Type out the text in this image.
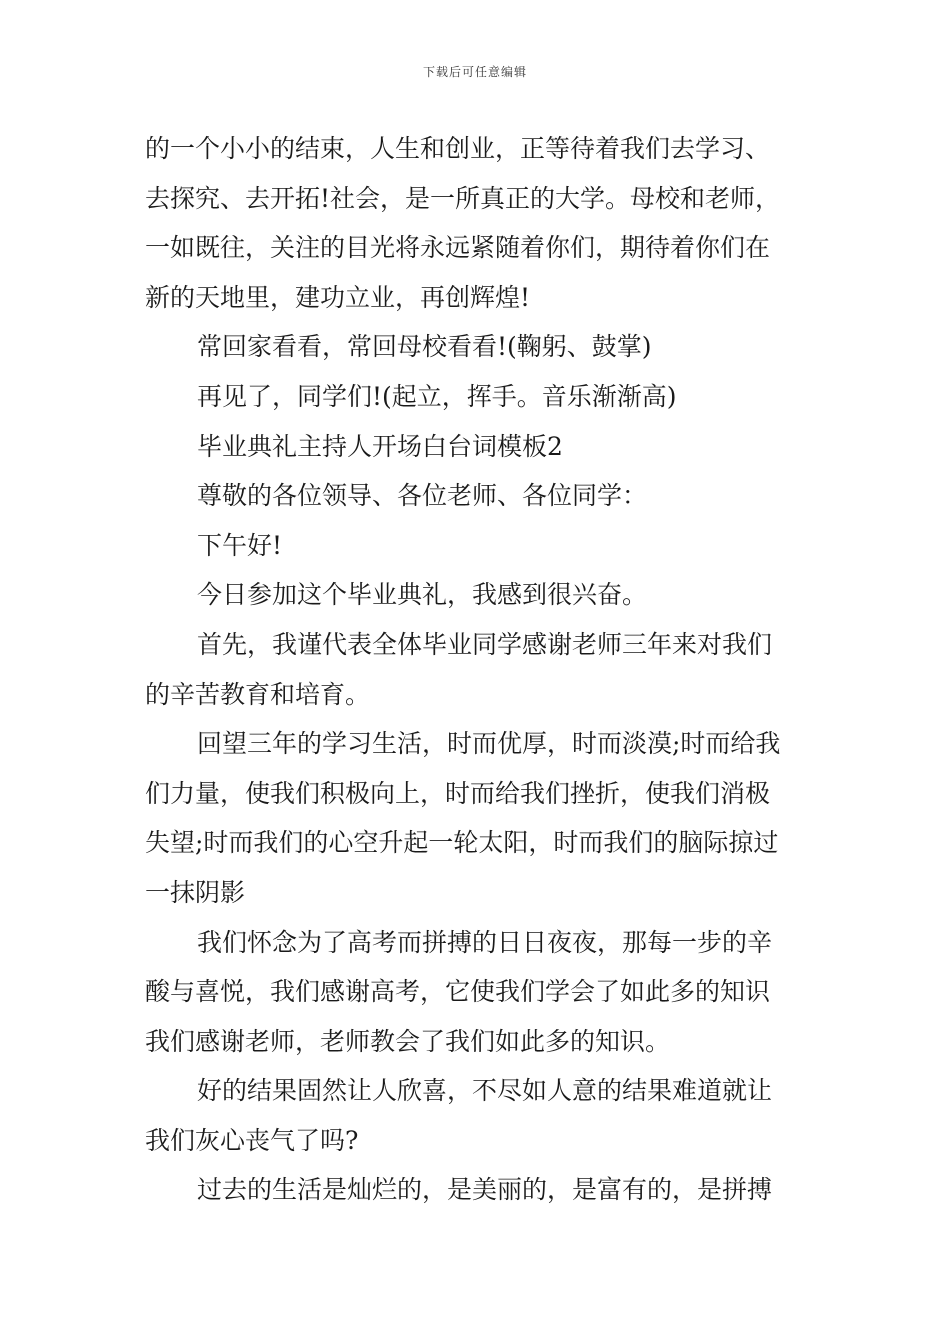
下载后可任意编辑
的一个小小的结束，人生和创业，正等待着我们去学习、
去探究、去开拓!社会，是一所真正的大学。母校和老师，
一如既往，关注的目光将永远紧随着你们，期待着你们在
新的天地里，建功立业，再创辉煌!
常回家看看，常回母校看看!(鞠躬、鼓掌)
再见了，同学们!(起立，挥手。音乐渐渐高)
毕业典礼主持人开场白台词模板2
尊敬的各位领导、各位老师、各位同学：
下午好!
今日参加这个毕业典礼，我感到很兴奋。
首先，我谨代表全体毕业同学感谢老师三年来对我们
的辛苦教育和培育。
回望三年的学习生活，时而优厚，时而淡漠;时而给我
们力量，使我们积极向上，时而给我们挫折，使我们消极
失望;时而我们的心空升起一轮太阳，时而我们的脑际掠过
一抹阴影
我们怀念为了高考而拼搏的日日夜夜，那每一步的辛
酸与喜悦，我们感谢高考，它使我们学会了如此多的知识
我们感谢老师，老师教会了我们如此多的知识。
好的结果固然让人欣喜，不尽如人意的结果难道就让
我们灰心丧气了吗?
过去的生活是灿烂的，是美丽的，是富有的，是拼搏
